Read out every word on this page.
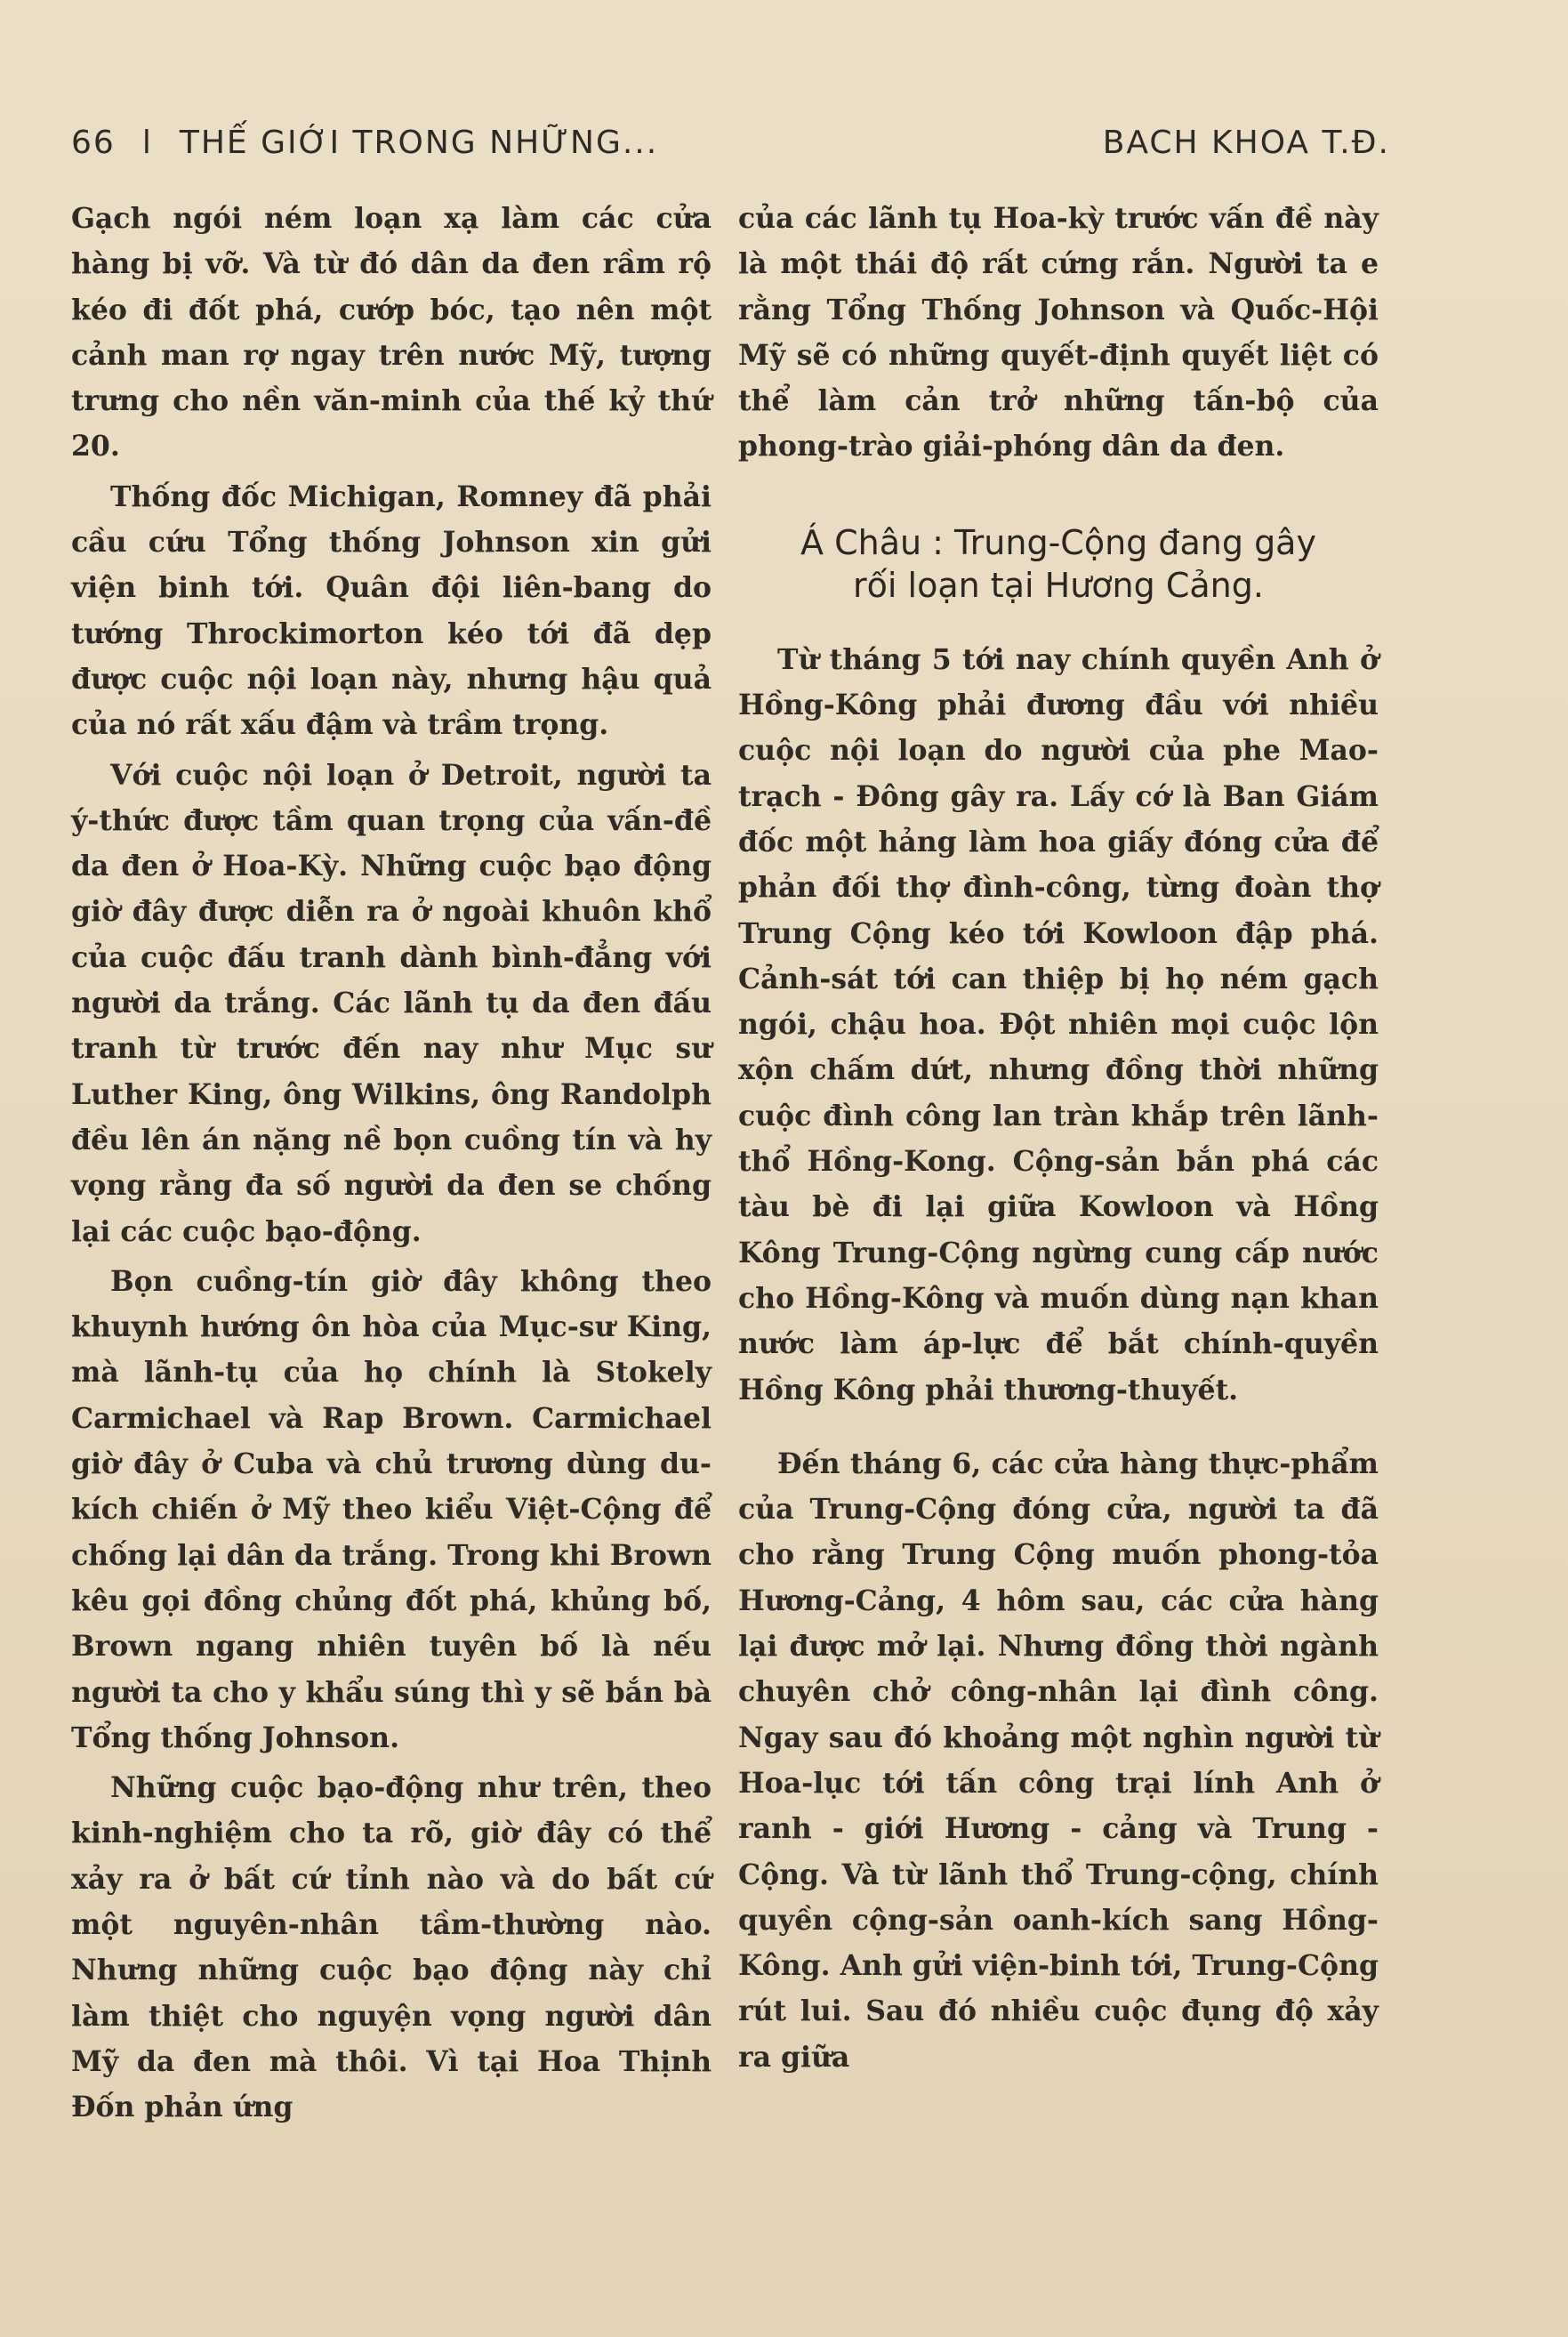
66 l THẾ GIỚI TRONG NHỮNG...	BACH KHOA T.Đ.

Gạch ngói ném loạn xạ làm các cửa hàng bị vỡ. Và từ đó dân da đen rầm rộ kéo đi đốt phá, cướp bóc, tạo nên một cảnh man rợ ngay trên nước Mỹ, tượng trưng cho nền văn-minh của thế kỷ thứ 20.

Thống đốc Michigan, Romney đã phải cầu cứu Tổng thống Johnson xin gửi viện binh tới. Quân đội liên-bang do tướng Throckimorton kéo tới đã dẹp được cuộc nội loạn này, nhưng hậu quả của nó rất xấu đậm và trầm trọng.

Với cuộc nội loạn ở Detroit, người ta ý-thức được tầm quan trọng của vấn-đề da đen ở Hoa-Kỳ. Những cuộc bạo động giờ đây được diễn ra ở ngoài khuôn khổ của cuộc đấu tranh dành bình-đẳng với người da trắng. Các lãnh tụ da đen đấu tranh từ trước đến nay như Mục sư Luther King, ông Wilkins, ông Randolph đều lên án nặng nề bọn cuồng tín và hy vọng rằng đa số người da đen se chống lại các cuộc bạo-động.

Bọn cuồng-tín giờ đây không theo khuynh hướng ôn hòa của Mục-sư King, mà lãnh-tụ của họ chính là Stokely Carmichael và Rap Brown. Carmichael giờ đây ở Cuba và chủ trương dùng du-kích chiến ở Mỹ theo kiểu Việt-Cộng để chống lại dân da trắng. Trong khi Brown kêu gọi đồng chủng đốt phá, khủng bố, Brown ngang nhiên tuyên bố là nếu người ta cho y khẩu súng thì y sẽ bắn bà Tổng thống Johnson.

Những cuộc bạo-động như trên, theo kinh-nghiệm cho ta rõ, giờ đây có thể xảy ra ở bất cứ tỉnh nào và do bất cứ một nguyên-nhân tầm-thường nào. Nhưng những cuộc bạo động này chỉ làm thiệt cho nguyện vọng người dân Mỹ da đen mà thôi. Vì tại Hoa Thịnh Đốn phản ứng

của các lãnh tụ Hoa-kỳ trước vấn đề này là một thái độ rất cứng rắn. Người ta e rằng Tổng Thống Johnson và Quốc-Hội Mỹ sẽ có những quyết-định quyết liệt có thể làm cản trở những tấn-bộ của phong-trào giải-phóng dân da đen.

Á Châu : Trung-Cộng đang gây
rối loạn tại Hương Cảng.

Từ tháng 5 tới nay chính quyền Anh ở Hồng-Kông phải đương đầu với nhiều cuộc nội loạn do người của phe Mao-trạch - Đông gây ra. Lấy cớ là Ban Giám đốc một hảng làm hoa giấy đóng cửa để phản đối thợ đình-công, từng đoàn thợ Trung Cộng kéo tới Kowloon đập phá. Cảnh-sát tới can thiệp bị họ ném gạch ngói, chậu hoa. Đột nhiên mọi cuộc lộn xộn chấm dứt, nhưng đồng thời những cuộc đình công lan tràn khắp trên lãnh-thổ Hồng-Kong. Cộng-sản bắn phá các tàu bè đi lại giữa Kowloon và Hồng Kông Trung-Cộng ngừng cung cấp nước cho Hồng-Kông và muốn dùng nạn khan nước làm áp-lực để bắt chính-quyền Hồng Kông phải thương-thuyết.

Đến tháng 6, các cửa hàng thực-phẩm của Trung-Cộng đóng cửa, người ta đã cho rằng Trung Cộng muốn phong-tỏa Hương-Cảng, 4 hôm sau, các cửa hàng lại được mở lại. Nhưng đồng thời ngành chuyên chở công-nhân lại đình công. Ngay sau đó khoảng một nghìn người từ Hoa-lục tới tấn công trại lính Anh ở ranh - giới Hương - cảng và Trung - Cộng. Và từ lãnh thổ Trung-cộng, chính quyền cộng-sản oanh-kích sang Hồng-Kông. Anh gửi viện-binh tới, Trung-Cộng rút lui. Sau đó nhiều cuộc đụng độ xảy ra giữa
